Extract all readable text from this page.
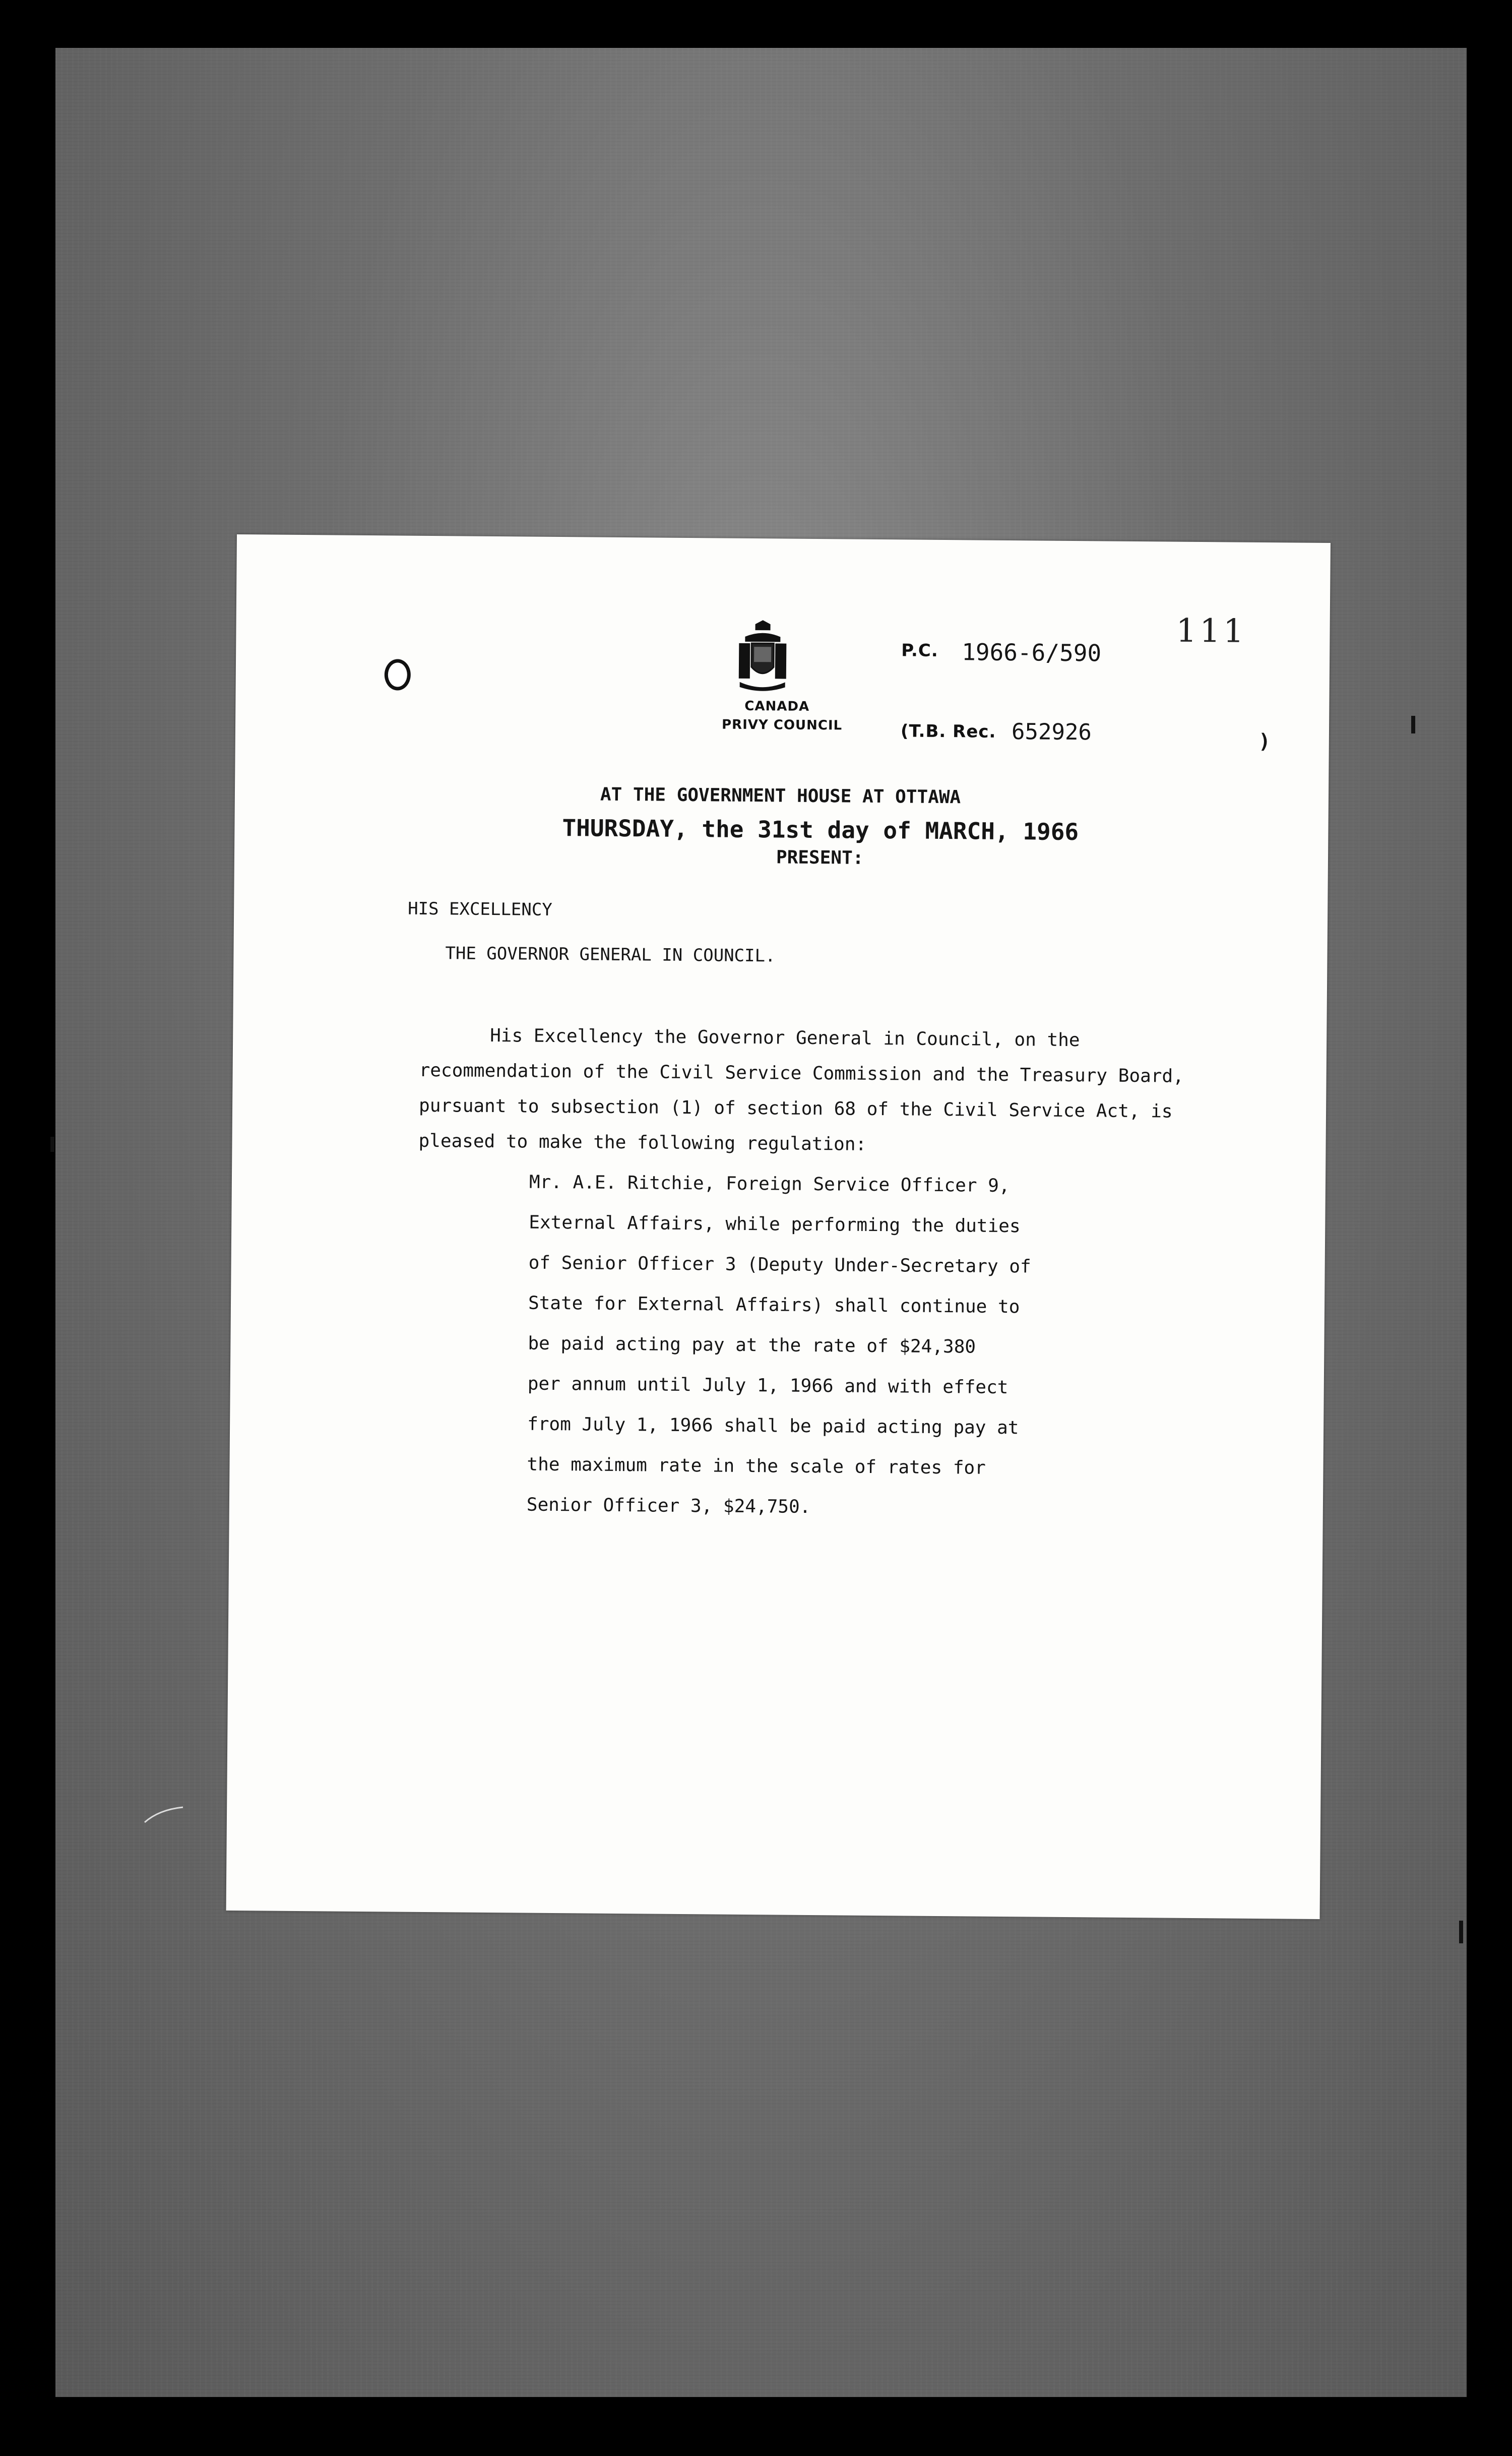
CANADA
PRIVY COUNCIL
111
P.C. 1966-6/590
(T.B. Rec. 652926	)
AT THE GOVERNMENT HOUSE AT OTTAWA
THURSDAY, the 31st day of MARCH, 1966
PRESENT:
HIS EXCELLENCY
THE GOVERNOR GENERAL IN COUNCIL.
His Excellency the Governor General in Council, on the
recommendation of the Civil Service Commission and the Treasury Board,
pursuant to subsection (1) of section 68 of the Civil Service Act, is
pleased to make the following regulation:
Mr. A.E. Ritchie, Foreign Service Officer 9,
External Affairs, while performing the duties
of Senior Officer 3 (Deputy Under-Secretary of
State for External Affairs) shall continue to
be paid acting pay at the rate of $24,380
per annum until July 1, 1966 and with effect
from July 1, 1966 shall be paid acting pay at
the maximum rate in the scale of rates for
Senior Officer 3, $24,750.
